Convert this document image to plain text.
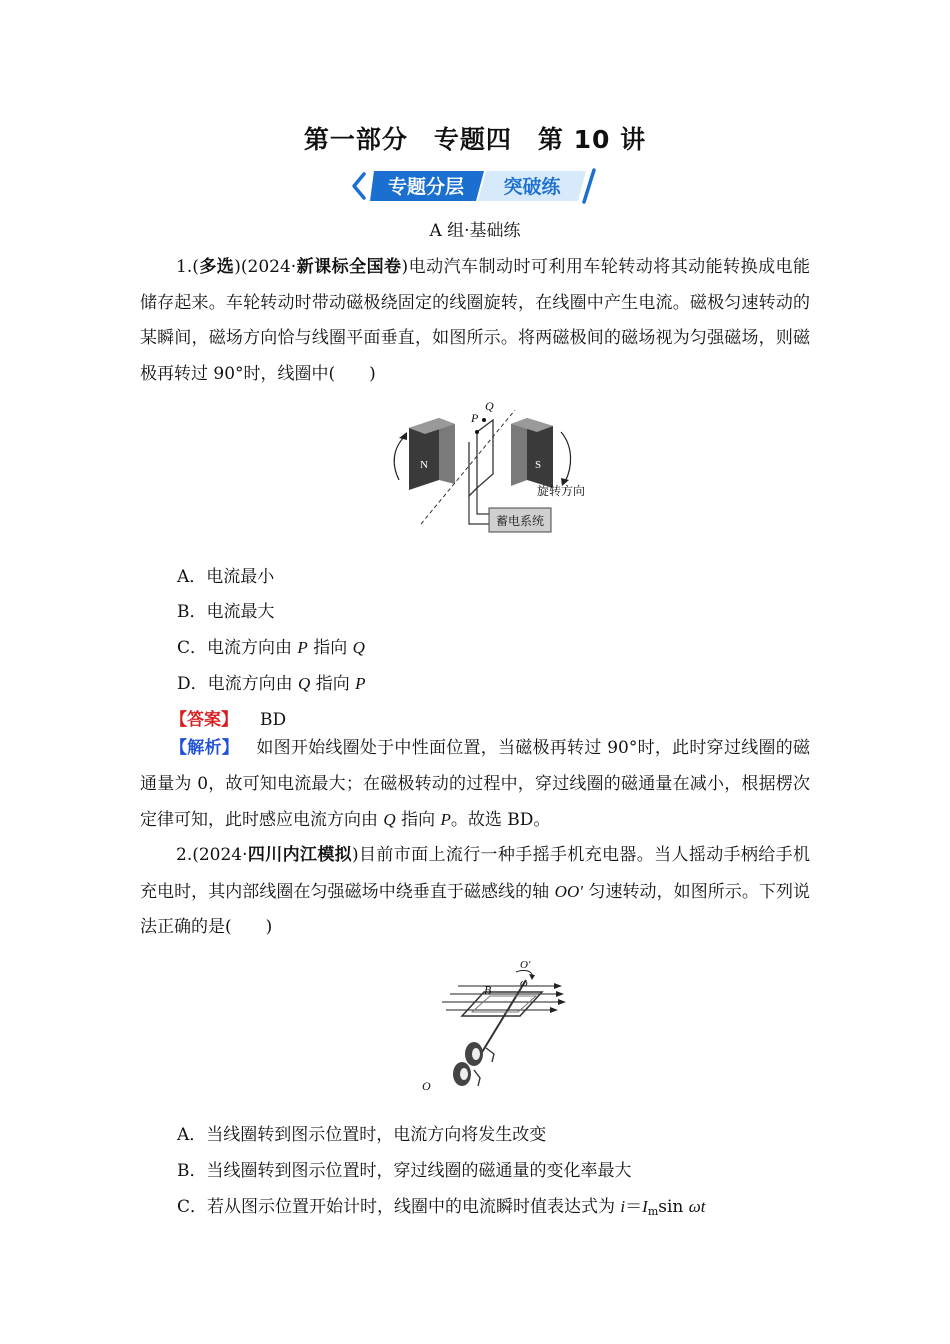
第一部分 专题四 第 10 讲
专题分层 突破练
A 组·基础练

1.(多选)(2024·新课标全国卷)电动汽车制动时可利用车轮转动将其动能转换成电能储存起来。车轮转动时带动磁极绕固定的线圈旋转，在线圈中产生电流。磁极匀速转动的某瞬间，磁场方向恰与线圈平面垂直，如图所示。将两磁极间的磁场视为匀强磁场，则磁极再转过 90°时，线圈中(　　)

N	S
P
Q
蓄电系统
旋转方向
A．电流最小
B．电流最大
C．电流方向由 P 指向 Q
D．电流方向由 Q 指向 P
【答案】 BD

【解析】  如图开始线圈处于中性面位置，当磁极再转过 90°时，此时穿过线圈的磁通量为 0，故可知电流最大；在磁极转动的过程中，穿过线圈的磁通量在减小，根据楞次定律可知，此时感应电流方向由 Q 指向 P。故选 BD。

2.(2024·四川内江模拟)目前市面上流行一种手摇手机充电器。当人摇动手柄给手机充电时，其内部线圈在匀强磁场中绕垂直于磁感线的轴 OO′ 匀速转动，如图所示。下列说法正确的是(　　)

O′
ω
B
O
A．当线圈转到图示位置时，电流方向将发生改变
B．当线圈转到图示位置时，穿过线圈的磁通量的变化率最大
C．若从图示位置开始计时，线圈中的电流瞬时值表达式为 $i=I_m\sin$ ωt
